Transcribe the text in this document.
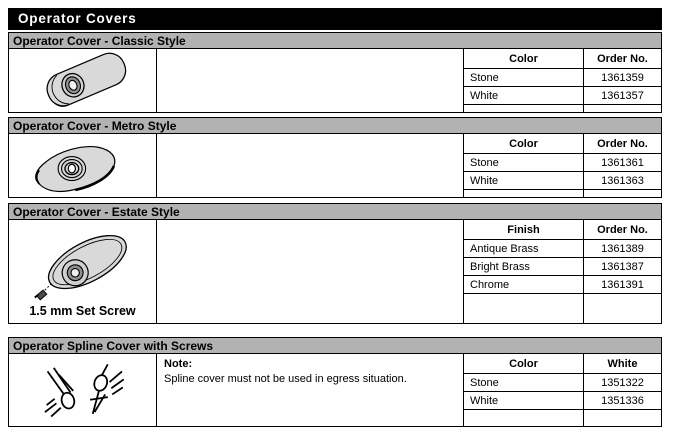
Operator Covers
Operator Cover - Classic Style
Color	Order No.
Stone	1361359
White	1361357
Operator Cover - Metro Style
Color	Order No.
Stone	1361361
White	1361363
Operator Cover - Estate Style
1.5 mm Set Screw
Finish	Order No.
Antique Brass	1361389
Bright Brass	1361387
Chrome	1361391
Operator Spline Cover with Screws
Note:
Spline cover must not be used in egress situation.
Color	White
Stone	1351322
White	1351336
